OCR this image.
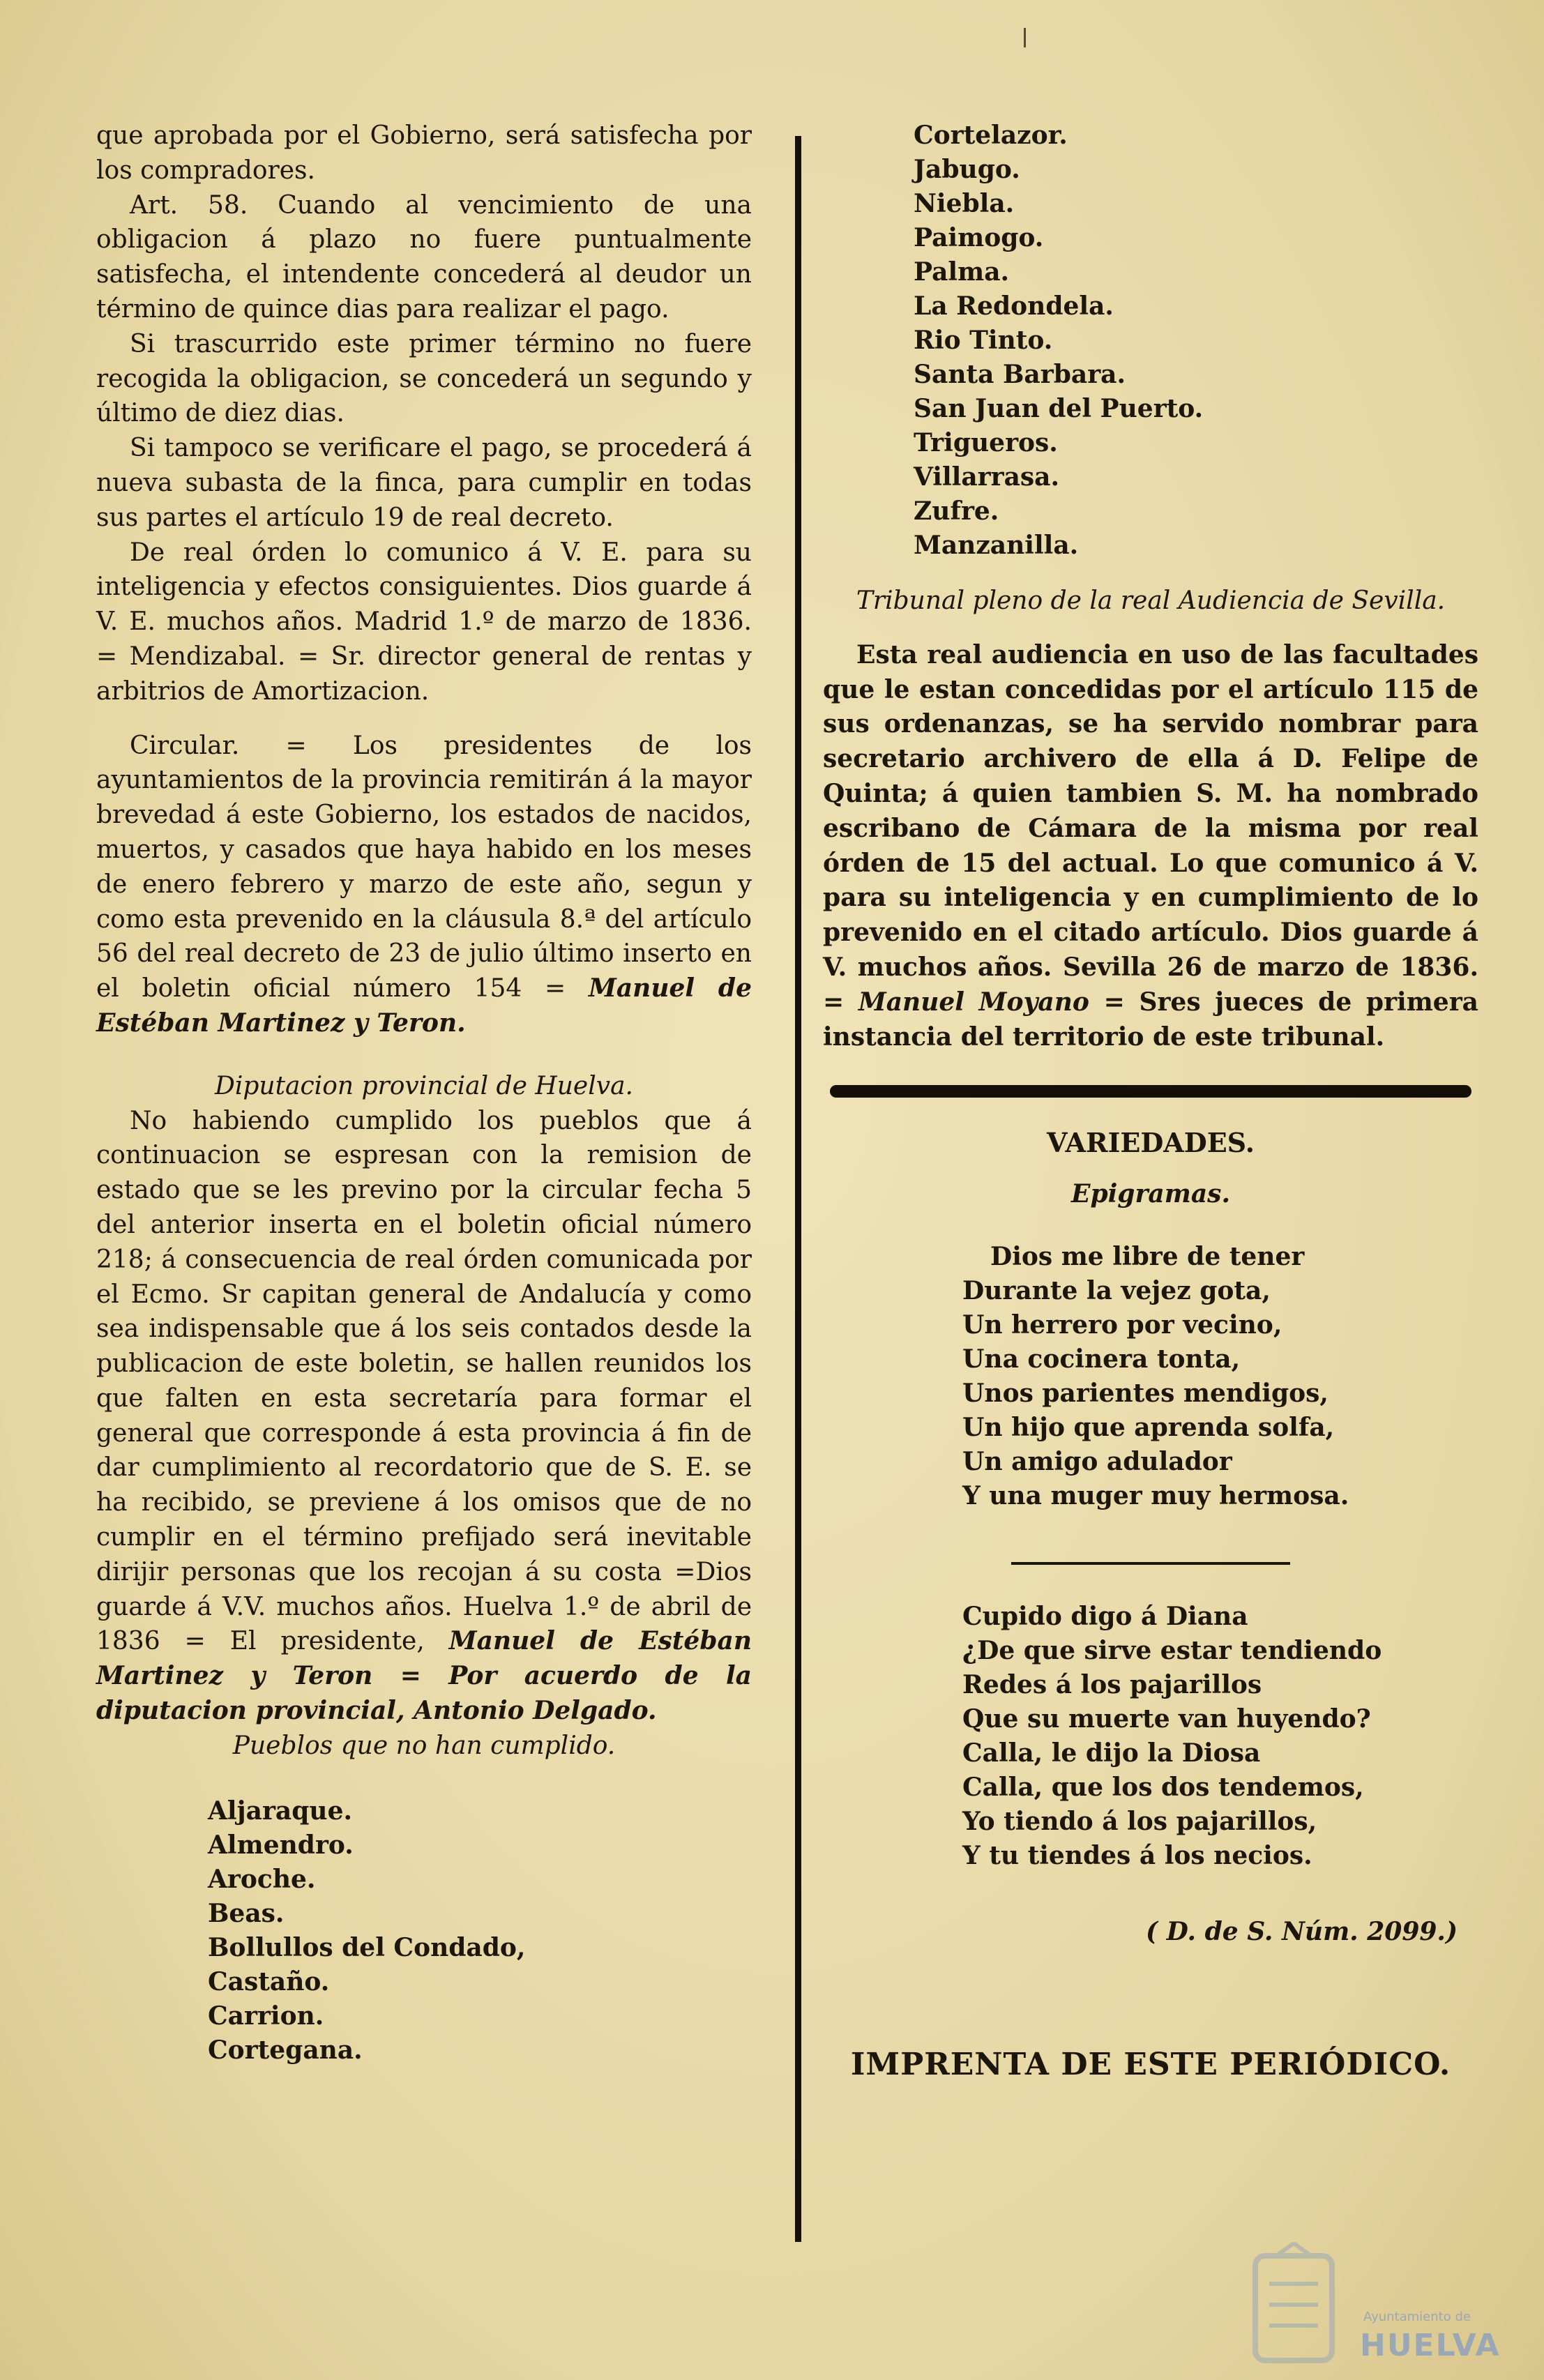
que aprobada por el Gobierno, será satisfecha por los compradores.

Art. 58. Cuando al vencimiento de una obligacion á plazo no fuere puntualmente satisfecha, el intendente concederá al deudor un término de quince dias para realizar el pago.

Si trascurrido este primer término no fuere recogida la obligacion, se concederá un segundo y último de diez dias.

Si tampoco se verificare el pago, se procederá á nueva subasta de la finca, para cumplir en todas sus partes el artículo 19 de real decreto.

De real órden lo comunico á V. E. para su inteligencia y efectos consiguientes. Dios guarde á V. E. muchos años. Madrid 1.º de marzo de 1836. = Mendizabal. = Sr. director general de rentas y arbitrios de Amortizacion.

Circular. = Los presidentes de los ayuntamientos de la provincia remitirán á la mayor brevedad á este Gobierno, los estados de nacidos, muertos, y casados que haya habido en los meses de enero febrero y marzo de este año, segun y como esta prevenido en la cláusula 8.ª del artículo 56 del real decreto de 23 de julio último inserto en el boletin oficial número 154 = Manuel de Estéban Martinez y Teron.

Diputacion provincial de Huelva.

No habiendo cumplido los pueblos que á continuacion se espresan con la remision de estado que se les previno por la circular fecha 5 del anterior inserta en el boletin oficial número 218; á consecuencia de real órden comunicada por el Ecmo. Sr capitan general de Andalucía y como sea indispensable que á los seis contados desde la publicacion de este boletin, se hallen reunidos los que falten en esta secretaría para formar el general que corresponde á esta provincia á fin de dar cumplimiento al recordatorio que de S. E. se ha recibido, se previene á los omisos que de no cumplir en el término prefijado será inevitable dirijir personas que los recojan á su costa =Dios guarde á V.V. muchos años. Huelva 1.º de abril de 1836 = El presidente, Manuel de Estéban Martinez y Teron = Por acuerdo de la diputacion provincial, Antonio Delgado.

Pueblos que no han cumplido.

Aljaraque.
Almendro.
Aroche.
Beas.
Bollullos del Condado,
Castaño.
Carrion.
Cortegana.
Cortelazor.
Jabugo.
Niebla.
Paimogo.
Palma.
La Redondela.
Rio Tinto.
Santa Barbara.
San Juan del Puerto.
Trigueros.
Villarrasa.
Zufre.
Manzanilla.

Tribunal pleno de la real Audiencia de Sevilla.

Esta real audiencia en uso de las facultades que le estan concedidas por el artículo 115 de sus ordenanzas, se ha servido nombrar para secretario archivero de ella á D. Felipe de Quinta; á quien tambien S. M. ha nombrado escribano de Cámara de la misma por real órden de 15 del actual. Lo que comunico á V. para su inteligencia y en cumplimiento de lo prevenido en el citado artículo. Dios guarde á V. muchos años. Sevilla 26 de marzo de 1836. = Manuel Moyano = Sres jueces de primera instancia del territorio de este tribunal.

VARIEDADES.

Epigramas.

Dios me libre de tener
Durante la vejez gota,
Un herrero por vecino,
Una cocinera tonta,
Unos parientes mendigos,
Un hijo que aprenda solfa,
Un amigo adulador
Y una muger muy hermosa.
Cupido digo á Diana
¿De que sirve estar tendiendo
Redes á los pajarillos
Que su muerte van huyendo?
Calla, le dijo la Diosa
Calla, que los dos tendemos,
Yo tiendo á los pajarillos,
Y tu tiendes á los necios.

( D. de S. Núm. 2099.)

IMPRENTA DE ESTE PERIÓDICO.

Ayuntamiento de
HUELVA
